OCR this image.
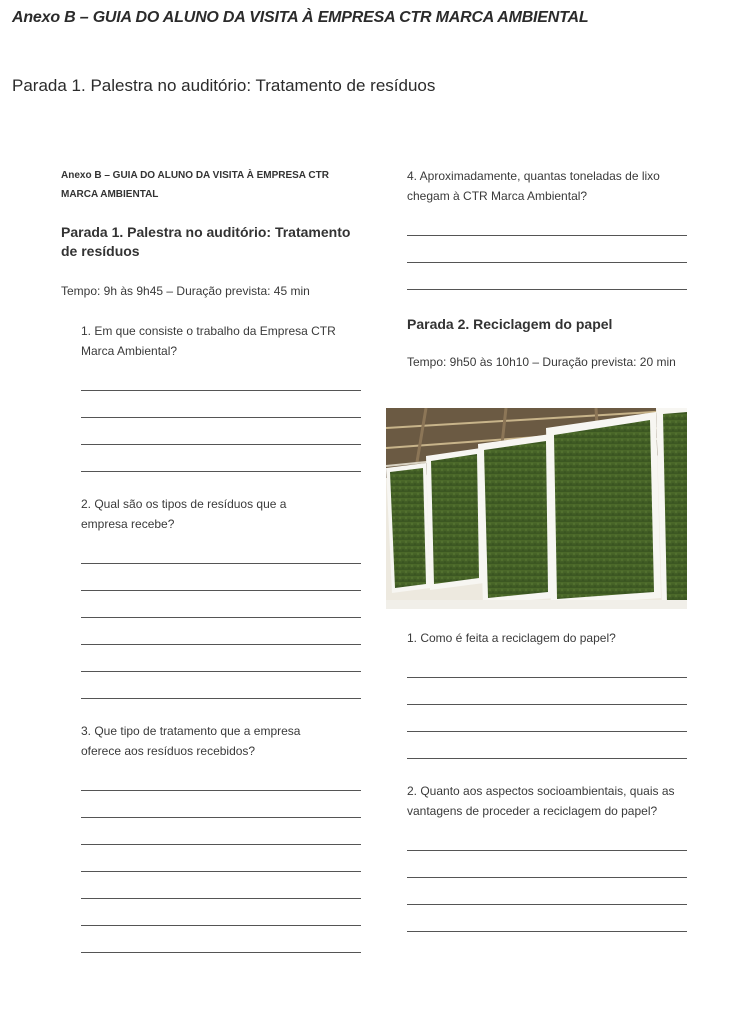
Anexo B – GUIA DO ALUNO DA VISITA À EMPRESA CTR MARCA AMBIENTAL
Parada 1. Palestra no auditório: Tratamento de resíduos
Anexo B – GUIA DO ALUNO DA VISITA À EMPRESA CTR MARCA AMBIENTAL
Parada 1. Palestra no auditório: Tratamento de resíduos
Tempo: 9h às 9h45 – Duração prevista: 45 min
1. Em que consiste o trabalho da Empresa CTR Marca Ambiental?
2. Qual são os tipos de resíduos que a empresa recebe?
3. Que tipo de tratamento que a empresa oferece aos resíduos recebidos?
4. Aproximadamente, quantas toneladas de lixo chegam à CTR Marca Ambiental?
Parada 2. Reciclagem do papel
Tempo: 9h50 às 10h10 – Duração prevista: 20 min
1. Como é feita a reciclagem do papel?
2. Quanto aos aspectos socioambientais, quais as vantagens de proceder a reciclagem do papel?
